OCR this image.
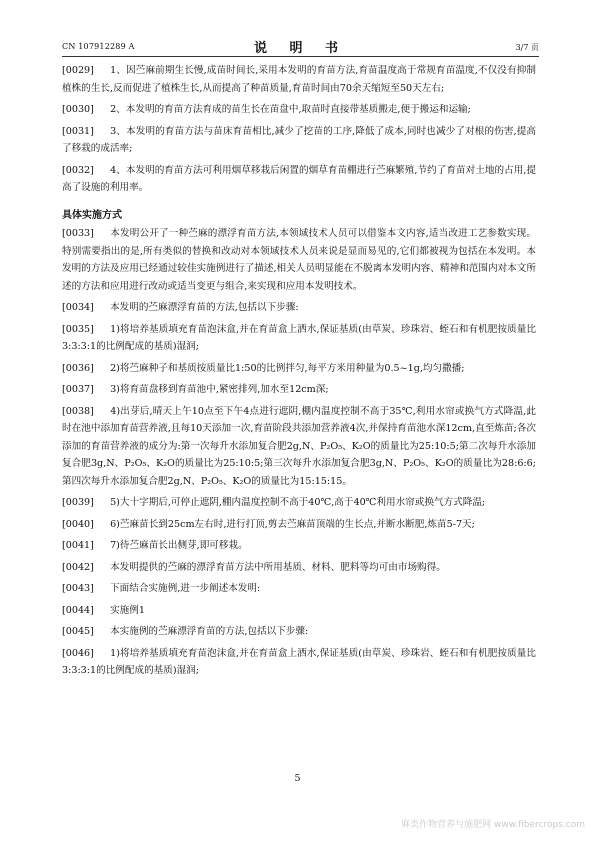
CN 107912289 A	说 明 书	3/7 页
[0029] 1、因苎麻前期生长慢,成苗时间长,采用本发明的育苗方法,育苗温度高于常规育苗温度,不仅没有抑制植株的生长,反而促进了植株生长,从而提高了种苗质量,育苗时间由70余天缩短至50天左右;
[0030] 2、本发明的育苗方法育成的苗生长在苗盘中,取苗时直接带基质搬走,便于搬运和运输;
[0031] 3、本发明的育苗方法与苗床育苗相比,减少了挖苗的工序,降低了成本,同时也减少了对根的伤害,提高了移栽的成活率;
[0032] 4、本发明的育苗方法可利用烟草移栽后闲置的烟草育苗棚进行苎麻繁殖,节约了育苗对土地的占用,提高了设施的利用率。
具体实施方式
[0033] 本发明公开了一种苎麻的漂浮育苗方法,本领域技术人员可以借鉴本文内容,适当改进工艺参数实现。特别需要指出的是,所有类似的替换和改动对本领域技术人员来说是显而易见的,它们都被视为包括在本发明。本发明的方法及应用已经通过较佳实施例进行了描述,相关人员明显能在不脱离本发明内容、精神和范围内对本文所述的方法和应用进行改动或适当变更与组合,来实现和应用本发明技术。
[0034] 本发明的苎麻漂浮育苗的方法,包括以下步骤:
[0035] 1)将培养基质填充育苗泡沫盒,并在育苗盒上洒水,保证基质(由草炭、珍珠岩、蛭石和有机肥按质量比3:3:3:1的比例配成的基质)湿润;
[0036] 2)将苎麻种子和基质按质量比1:50的比例拌匀,每平方米用种量为0.5~1g,均匀撒播;
[0037] 3)将育苗盘移到育苗池中,紧密排列,加水至12cm深;
[0038] 4)出芽后,晴天上午10点至下午4点进行遮阴,棚内温度控制不高于35℃,利用水帘或换气方式降温,此时在池中添加育苗营养液,且每10天添加一次,育苗阶段共添加营养液4次,并保持育苗池水深12cm,直至炼苗;各次添加的育苗营养液的成分为:第一次每升水添加复合肥2g,N、P₂O₅、K₂O的质量比为25:10:5;第二次每升水添加复合肥3g,N、P₂O₅、K₂O的质量比为25:10:5;第三次每升水添加复合肥3g,N、P₂O₅、K₂O的质量比为28:6:6;第四次每升水添加复合肥2g,N、P₂O₅、K₂O的质量比为15:15:15。
[0039] 5)大十字期后,可停止遮阴,棚内温度控制不高于40℃,高于40℃利用水帘或换气方式降温;
[0040] 6)苎麻苗长到25cm左右时,进行打顶,剪去苎麻苗顶端的生长点,并断水断肥,炼苗5-7天;
[0041] 7)待苎麻苗长出侧芽,即可移栽。
[0042] 本发明提供的苎麻的漂浮育苗方法中所用基质、材料、肥料等均可由市场购得。
[0043] 下面结合实施例,进一步阐述本发明:
[0044] 实施例1
[0045] 本实施例的苎麻漂浮育苗的方法,包括以下步骤:
[0046] 1)将培养基质填充育苗泡沫盒,并在育苗盒上洒水,保证基质(由草炭、珍珠岩、蛭石和有机肥按质量比3:3:3:1的比例配成的基质)湿润;
5
麻类作物营养与施肥网 www.fibercrops.com
